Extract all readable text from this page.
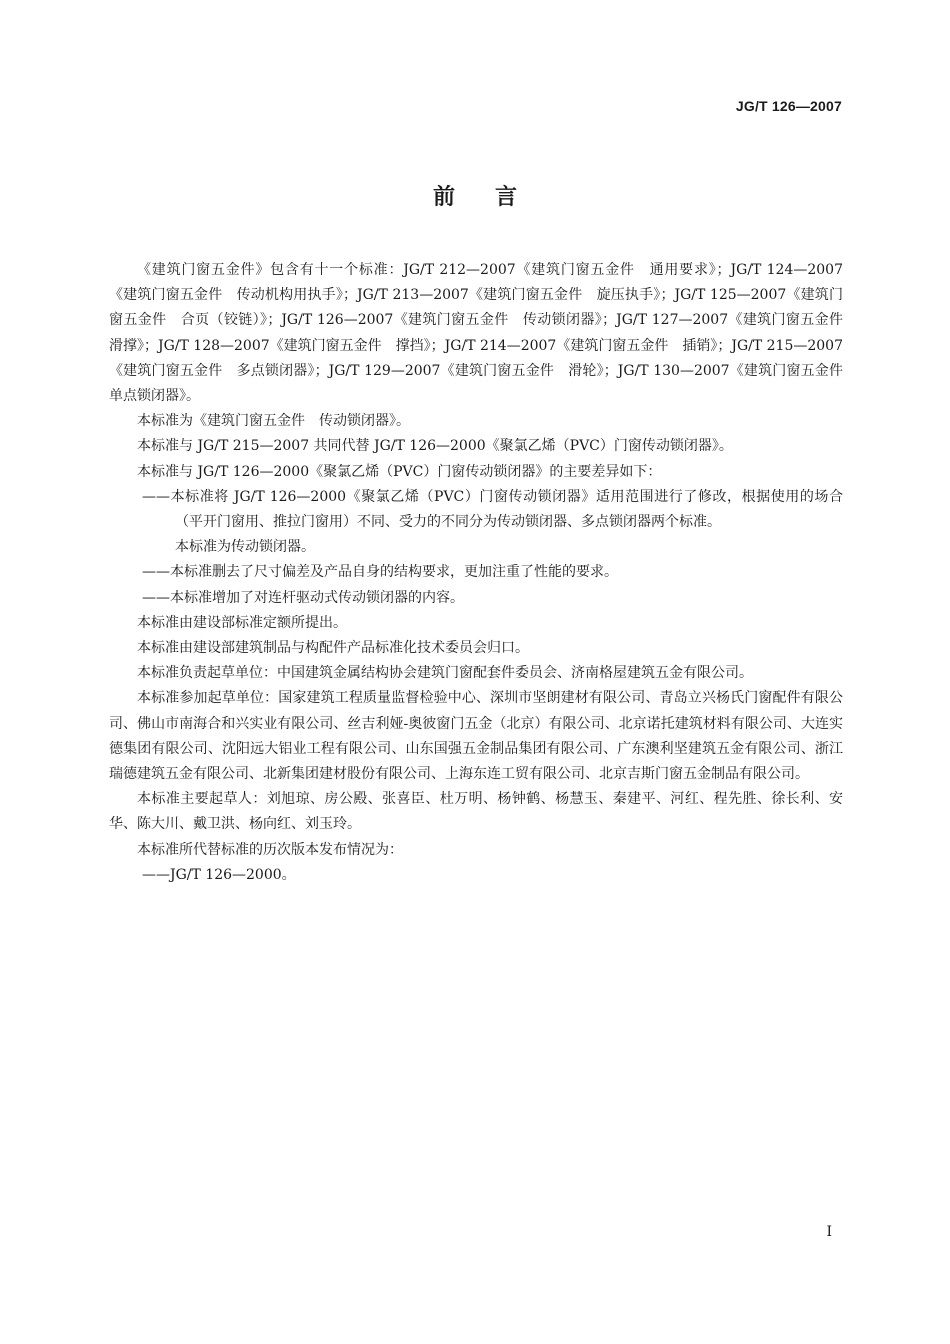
JG/T 126—2007
前言

《建筑门窗五金件》包含有十一个标准：JG/T 212—2007《建筑门窗五金件　通用要求》；JG/T 124—2007《建筑门窗五金件　传动机构用执手》；JG/T 213—2007《建筑门窗五金件　旋压执手》；JG/T 125—2007《建筑门窗五金件　合页（铰链）》；JG/T 126—2007《建筑门窗五金件　传动锁闭器》；JG/T 127—2007《建筑门窗五金件　滑撑》；JG/T 128—2007《建筑门窗五金件　撑挡》；JG/T 214—2007《建筑门窗五金件　插销》；JG/T 215—2007《建筑门窗五金件　多点锁闭器》；JG/T 129—2007《建筑门窗五金件　滑轮》；JG/T 130—2007《建筑门窗五金件　单点锁闭器》。

本标准为《建筑门窗五金件　传动锁闭器》。

本标准与 JG/T 215—2007 共同代替 JG/T 126—2000《聚氯乙烯（PVC）门窗传动锁闭器》。

本标准与 JG/T 126—2000《聚氯乙烯（PVC）门窗传动锁闭器》的主要差异如下：

——本标准将 JG/T 126—2000《聚氯乙烯（PVC）门窗传动锁闭器》适用范围进行了修改，根据使用的场合（平开门窗用、推拉门窗用）不同、受力的不同分为传动锁闭器、多点锁闭器两个标准。

本标准为传动锁闭器。

——本标准删去了尺寸偏差及产品自身的结构要求，更加注重了性能的要求。

——本标准增加了对连杆驱动式传动锁闭器的内容。

本标准由建设部标准定额所提出。

本标准由建设部建筑制品与构配件产品标准化技术委员会归口。

本标准负责起草单位：中国建筑金属结构协会建筑门窗配套件委员会、济南格屋建筑五金有限公司。

本标准参加起草单位：国家建筑工程质量监督检验中心、深圳市坚朗建材有限公司、青岛立兴杨氏门窗配件有限公司、佛山市南海合和兴实业有限公司、丝吉利娅-奥彼窗门五金（北京）有限公司、北京诺托建筑材料有限公司、大连实德集团有限公司、沈阳远大铝业工程有限公司、山东国强五金制品集团有限公司、广东澳利坚建筑五金有限公司、浙江瑞德建筑五金有限公司、北新集团建材股份有限公司、上海东连工贸有限公司、北京吉斯门窗五金制品有限公司。

本标准主要起草人：刘旭琼、房公殿、张喜臣、杜万明、杨钟鹤、杨慧玉、秦建平、河红、程先胜、徐长利、安华、陈大川、戴卫洪、杨向红、刘玉玲。

本标准所代替标准的历次版本发布情况为：

——JG/T 126—2000。

I
